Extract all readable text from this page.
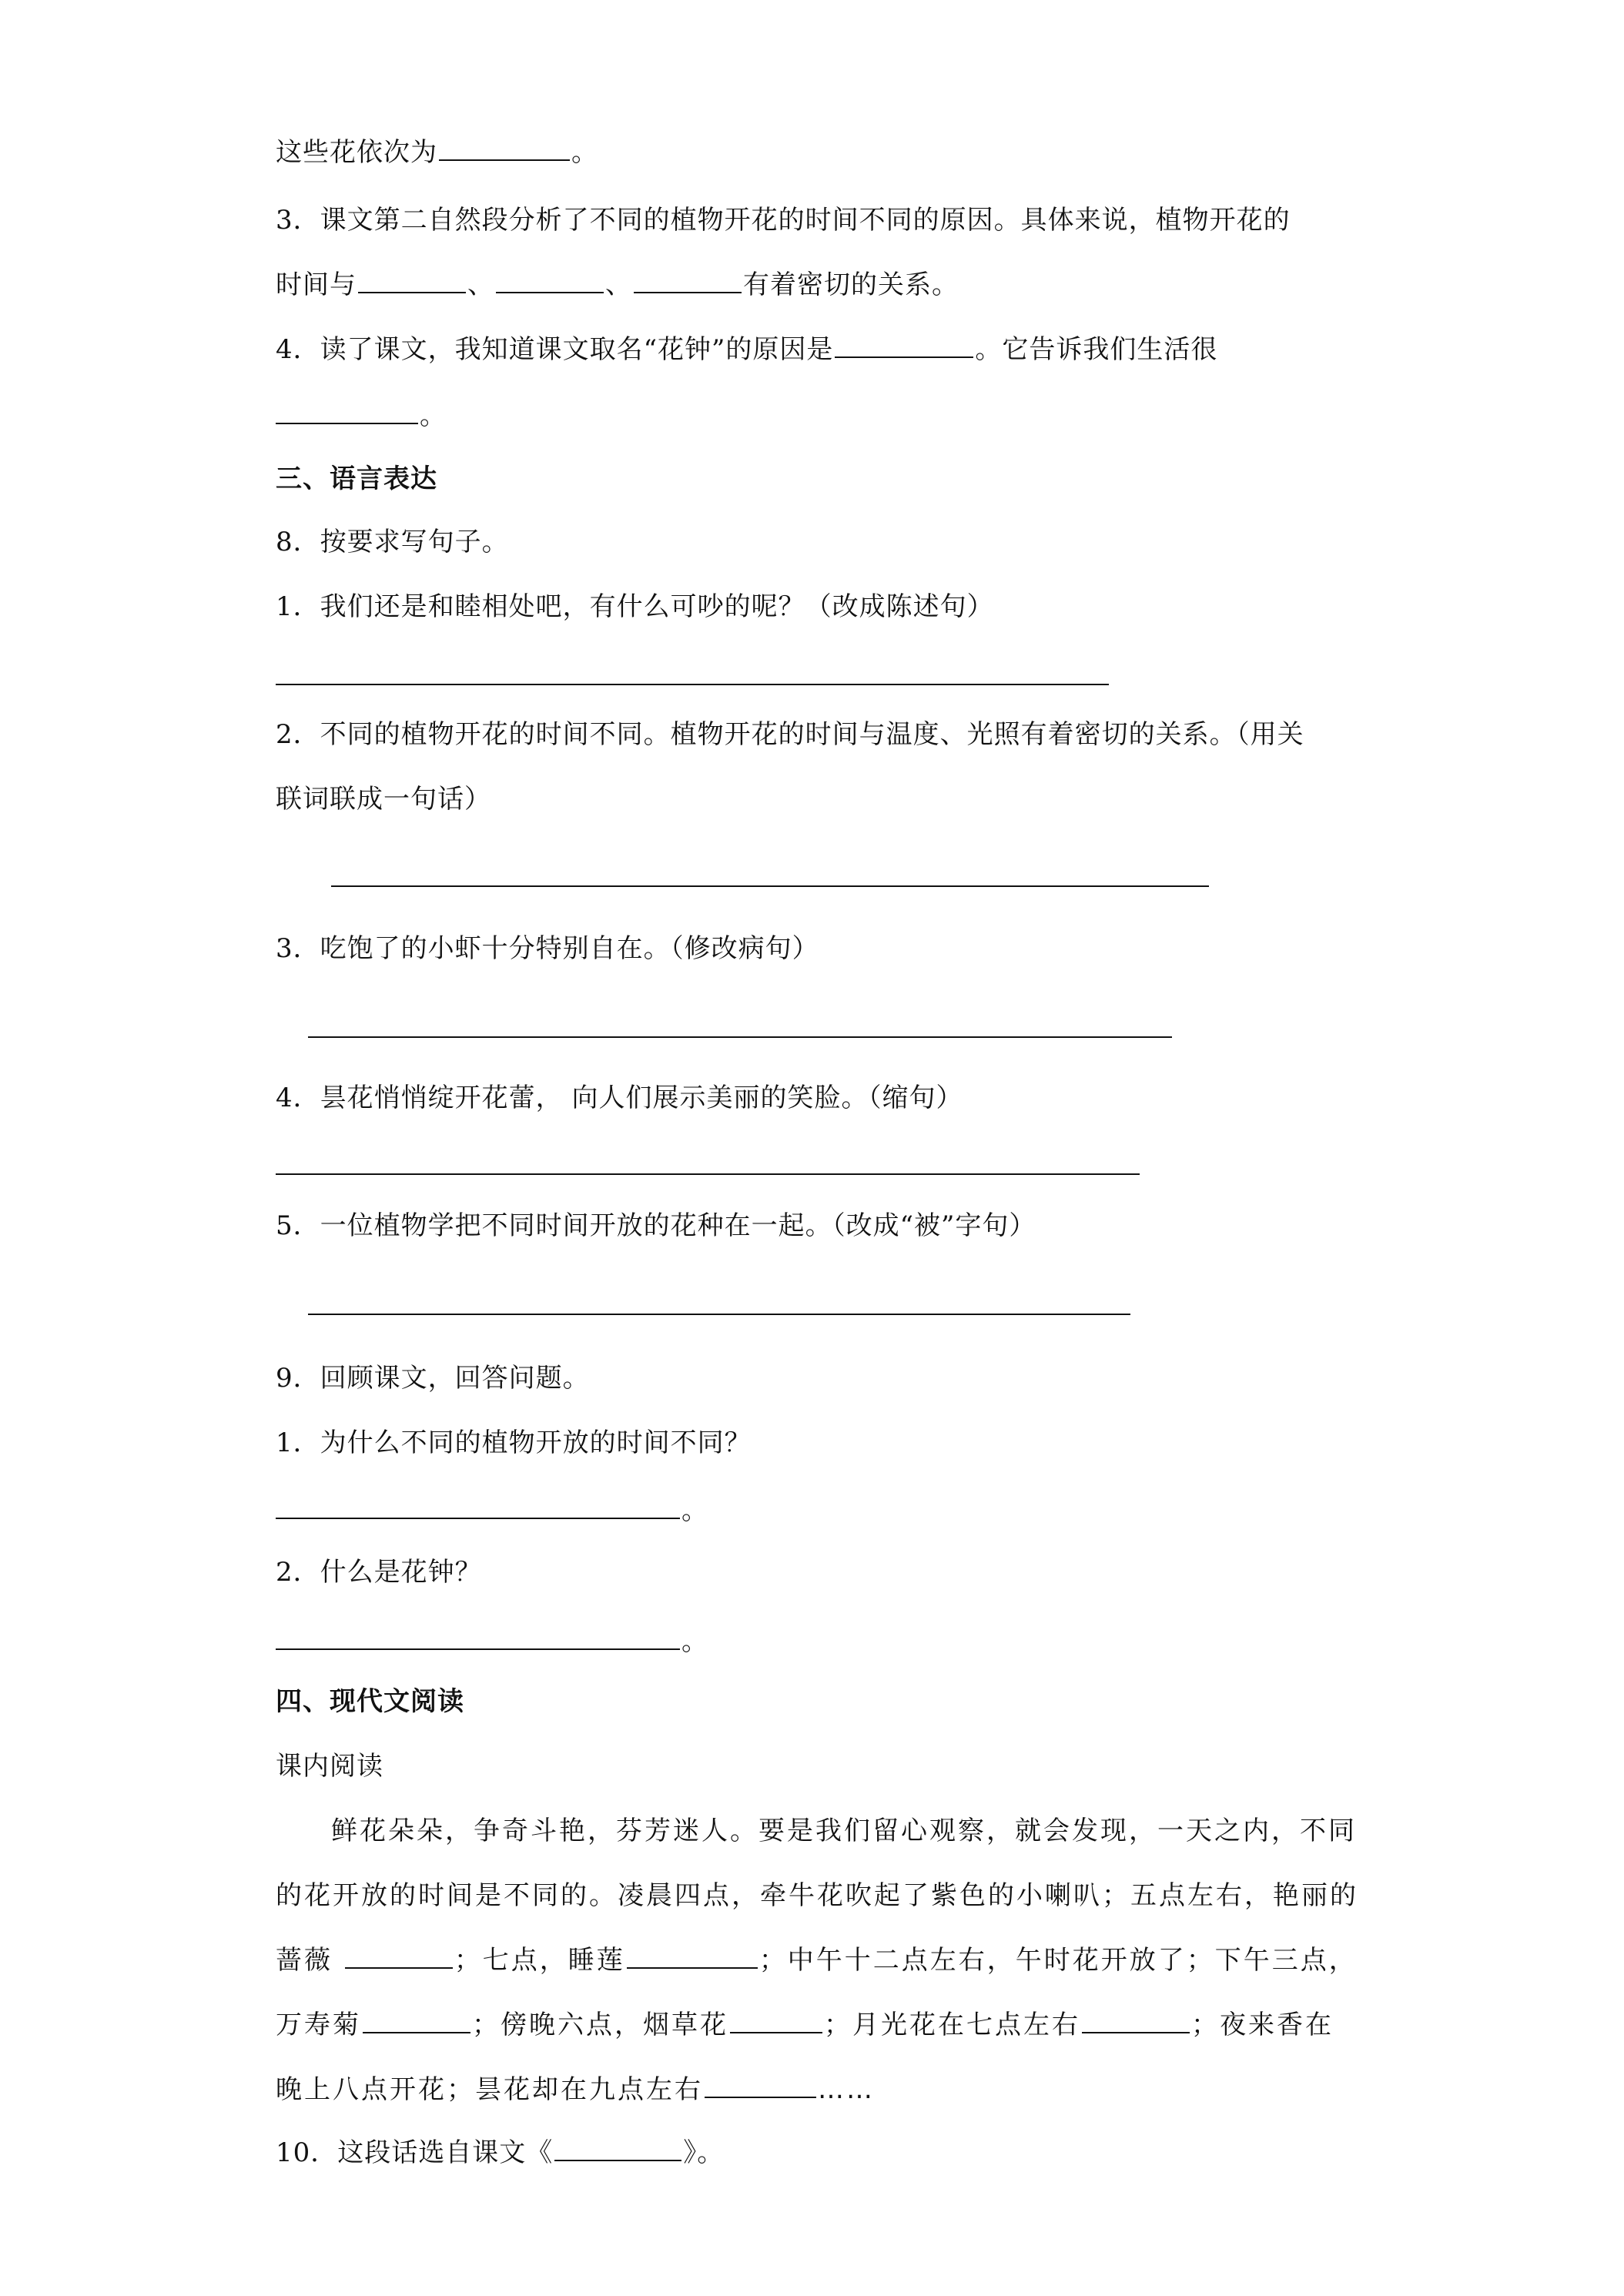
这些花依次为	。
3．课文第二自然段分析了不同的植物开花的时间不同的原因。具体来说，植物开花的
时间与	、	、	有着密切的关系。
4．读了课文，我知道课文取名“花钟”的原因是	。它告诉我们生活很
。
三、语言表达
8．按要求写句子。
1．我们还是和睦相处吧，有什么可吵的呢？（改成陈述句）
2．不同的植物开花的时间不同。植物开花的时间与温度、光照有着密切的关系。（用关
联词联成一句话）
3．吃饱了的小虾十分特别自在。（修改病句）
4．昙花悄悄绽开花蕾， 向人们展示美丽的笑脸。（缩句）
5．一位植物学把不同时间开放的花种在一起。（改成“被”字句）
9．回顾课文，回答问题。
1．为什么不同的植物开放的时间不同？
。
2．什么是花钟？
。
四、现代文阅读
课内阅读
鲜花朵朵，争奇斗艳，芬芳迷人。要是我们留心观察，就会发现，一天之内，不同
的花开放的时间是不同的。凌晨四点，牵牛花吹起了紫色的小喇叭；五点左右，艳丽的
蔷薇	；七点，睡莲	；中午十二点左右，午时花开放了；下午三点，
万寿菊	；傍晚六点，烟草花	；月光花在七点左右	；夜来香在
晚上八点开花；昙花却在九点左右	……
10．这段话选自课文《	》。
